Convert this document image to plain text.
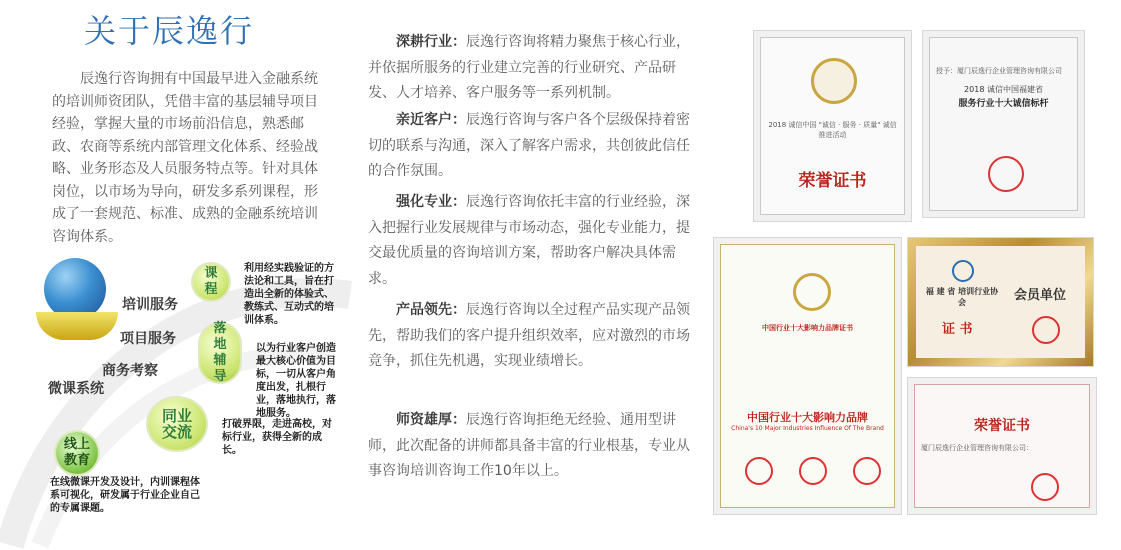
关于辰逸行
辰逸行咨询拥有中国最早进入金融系统的培训师资团队，凭借丰富的基层辅导项目经验，掌握大量的市场前沿信息，熟悉邮政、农商等系统内部管理文化体系、经验战略、业务形态及人员服务特点等。针对具体岗位，以市场为导向，研发多系列课程，形成了一套规范、标准、成熟的金融系统培训咨询体系。
培训服务
项目服务
商务考察
微课系统
课程
落地辅导
同业交流
线上教育
利用经实践验证的方法论和工具，旨在打造出全新的体验式、教练式、互动式的培训体系。
以为行业客户创造最大核心价值为目标，一切从客户角度出发，扎根行业，落地执行，落地服务。
打破界限，走进高校，对标行业，获得全新的成长。
在线微课开发及设计，内训课程体系可视化，研发属于行业企业自己的专属课题。
深耕行业：辰逸行咨询将精力聚焦于核心行业，并依据所服务的行业建立完善的行业研究、产品研发、人才培养、客户服务等一系列机制。
亲近客户：辰逸行咨询与客户各个层级保持着密切的联系与沟通，深入了解客户需求，共创彼此信任的合作氛围。
强化专业：辰逸行咨询依托丰富的行业经验，深入把握行业发展规律与市场动态，强化专业能力，提交最优质量的咨询培训方案，帮助客户解决具体需求。
产品领先：辰逸行咨询以全过程产品实现产品领先，帮助我们的客户提升组织效率，应对激烈的市场竞争，抓住先机遇，实现业绩增长。
师资雄厚：辰逸行咨询拒绝无经验、通用型讲师，此次配备的讲师都具备丰富的行业根基，专业从事咨询培训咨询工作10年以上。
2018 诚信中国 "诚信 · 服务 · 质量" 诚信推进活动
荣誉证书
授予：厦门辰逸行企业管理咨询有限公司
2018 诚信中国福建省
服务行业十大诚信标杆
中国行业十大影响力品牌证书
中国行业十大影响力品牌
China's 10 Major Industries Influence Of The Brand
福 建 省 培训行业协会	会员单位
证 书
荣誉证书
厦门辰逸行企业管理咨询有限公司：
